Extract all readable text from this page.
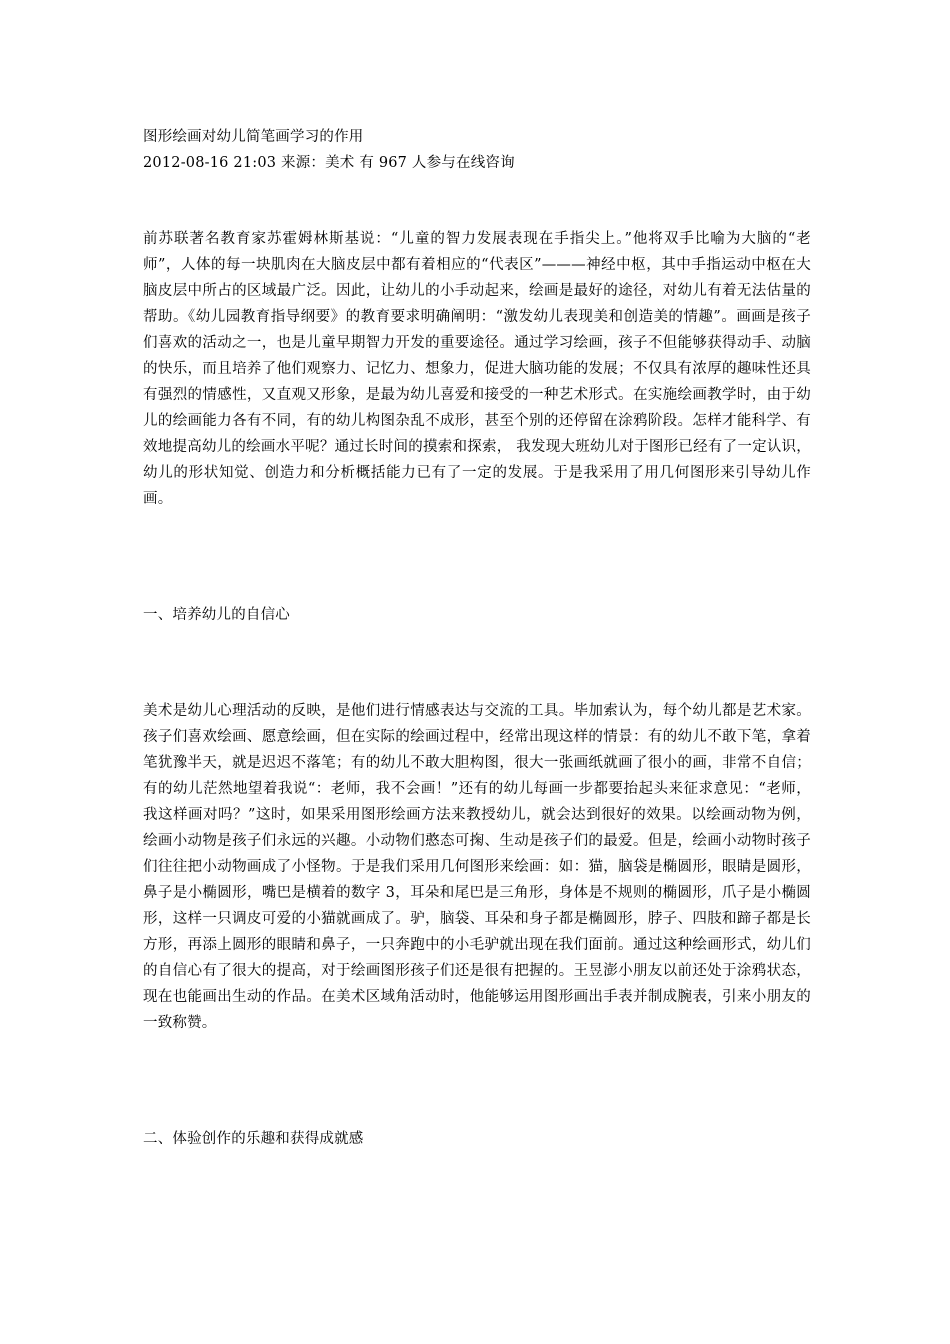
图形绘画对幼儿简笔画学习的作用

2012-08-16 21:03 来源：美术 有 967 人参与在线咨询

前苏联著名教育家苏霍姆林斯基说：“儿童的智力发展表现在手指尖上。”他将双手比喻为大脑的“老师”，人体的每一块肌肉在大脑皮层中都有着相应的“代表区”———神经中枢，其中手指运动中枢在大脑皮层中所占的区域最广泛。因此，让幼儿的小手动起来，绘画是最好的途径，对幼儿有着无法估量的帮助。《幼儿园教育指导纲要》的教育要求明确阐明：“激发幼儿表现美和创造美的情趣”。画画是孩子们喜欢的活动之一，也是儿童早期智力开发的重要途径。通过学习绘画，孩子不但能够获得动手、动脑的快乐，而且培养了他们观察力、记忆力、想象力，促进大脑功能的发展；不仅具有浓厚的趣味性还具有强烈的情感性，又直观又形象，是最为幼儿喜爱和接受的一种艺术形式。在实施绘画教学时，由于幼儿的绘画能力各有不同，有的幼儿构图杂乱不成形，甚至个别的还停留在涂鸦阶段。怎样才能科学、有效地提高幼儿的绘画水平呢？通过长时间的摸索和探索， 我发现大班幼儿对于图形已经有了一定认识，幼儿的形状知觉、创造力和分析概括能力已有了一定的发展。于是我采用了用几何图形来引导幼儿作画。

一、培养幼儿的自信心

美术是幼儿心理活动的反映，是他们进行情感表达与交流的工具。毕加索认为，每个幼儿都是艺术家。孩子们喜欢绘画、愿意绘画，但在实际的绘画过程中，经常出现这样的情景：有的幼儿不敢下笔，拿着笔犹豫半天，就是迟迟不落笔；有的幼儿不敢大胆构图，很大一张画纸就画了很小的画，非常不自信；有的幼儿茫然地望着我说“：老师，我不会画！”还有的幼儿每画一步都要抬起头来征求意见：“老师，我这样画对吗？”这时，如果采用图形绘画方法来教授幼儿，就会达到很好的效果。以绘画动物为例，绘画小动物是孩子们永远的兴趣。小动物们憨态可掬、生动是孩子们的最爱。但是，绘画小动物时孩子们往往把小动物画成了小怪物。于是我们采用几何图形来绘画：如：猫，脑袋是椭圆形，眼睛是圆形，鼻子是小椭圆形，嘴巴是横着的数字 3，耳朵和尾巴是三角形，身体是不规则的椭圆形，爪子是小椭圆形，这样一只调皮可爱的小猫就画成了。驴，脑袋、耳朵和身子都是椭圆形，脖子、四肢和蹄子都是长方形，再添上圆形的眼睛和鼻子，一只奔跑中的小毛驴就出现在我们面前。通过这种绘画形式，幼儿们的自信心有了很大的提高，对于绘画图形孩子们还是很有把握的。王昱澎小朋友以前还处于涂鸦状态，现在也能画出生动的作品。在美术区域角活动时，他能够运用图形画出手表并制成腕表，引来小朋友的一致称赞。

二、体验创作的乐趣和获得成就感
